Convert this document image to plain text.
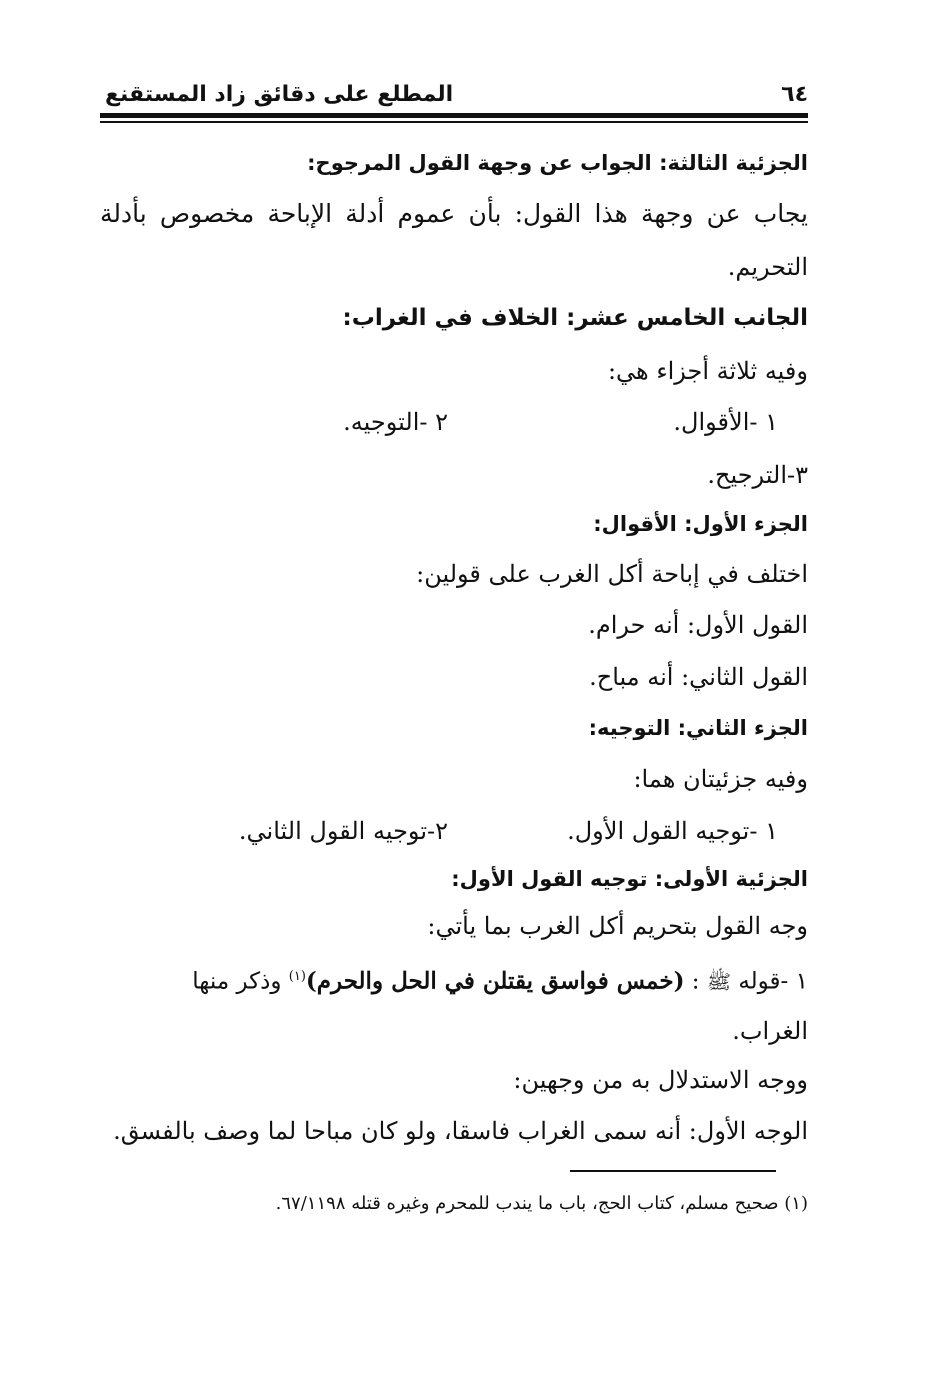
٦٤
المطلع على دقائق زاد المستقنع
الجزئية الثالثة: الجواب عن وجهة القول المرجوح:
يجاب عن وجهة هذا القول: بأن عموم أدلة الإباحة مخصوص بأدلة
التحريم.
الجانب الخامس عشر: الخلاف في الغراب:
وفيه ثلاثة أجزاء هي:
١ -الأقوال.
٢ -التوجيه.
٣-الترجيح.
الجزء الأول: الأقوال:
اختلف في إباحة أكل الغرب على قولين:
القول الأول: أنه حرام.
القول الثاني: أنه مباح.
الجزء الثاني: التوجيه:
وفيه جزئيتان هما:
١ -توجيه القول الأول.
٢-توجيه القول الثاني.
الجزئية الأولى: توجيه القول الأول:
وجه القول بتحريم أكل الغرب بما يأتي:
١ -قوله ﷺ : (خمس فواسق يقتلن في الحل والحرم)$^{(١)}$ وذكر منها
الغراب.
ووجه الاستدلال به من وجهين:
الوجه الأول: أنه سمى الغراب فاسقا، ولو كان مباحا لما وصف بالفسق.
(١) صحيح مسلم، كتاب الحج، باب ما يندب للمحرم وغيره قتله ٦٧/١١٩٨.
